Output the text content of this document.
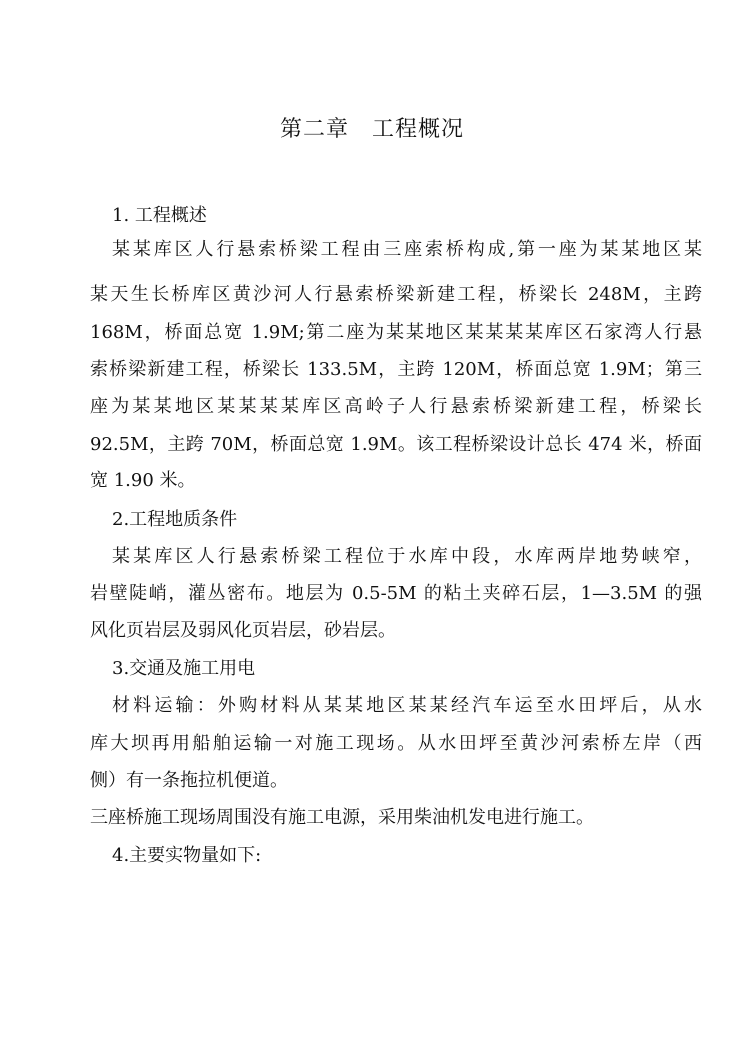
第二章　工程概况

1. 工程概述

某某库区人行悬索桥梁工程由三座索桥构成,第一座为某某地区某

某天生长桥库区黄沙河人行悬索桥梁新建工程，桥梁长 248M，主跨

168M，桥面总宽 1.9M;第二座为某某地区某某某某库区石家湾人行悬

索桥梁新建工程，桥梁长 133.5M，主跨 120M，桥面总宽 1.9M；第三

座为某某地区某某某某库区高岭子人行悬索桥梁新建工程，桥梁长

92.5M，主跨 70M，桥面总宽 1.9M。该工程桥梁设计总长 474 米，桥面

宽 1.90 米。

2.工程地质条件

某某库区人行悬索桥梁工程位于水库中段，水库两岸地势峡窄，

岩壁陡峭，灌丛密布。地层为 0.5-5M 的粘土夹碎石层，1—3.5M 的强

风化页岩层及弱风化页岩层，砂岩层。

3.交通及施工用电

材料运输：外购材料从某某地区某某经汽车运至水田坪后，从水

库大坝再用船舶运输一对施工现场。从水田坪至黄沙河索桥左岸（西

侧）有一条拖拉机便道。

三座桥施工现场周围没有施工电源，采用柴油机发电进行施工。

4.主要实物量如下:
